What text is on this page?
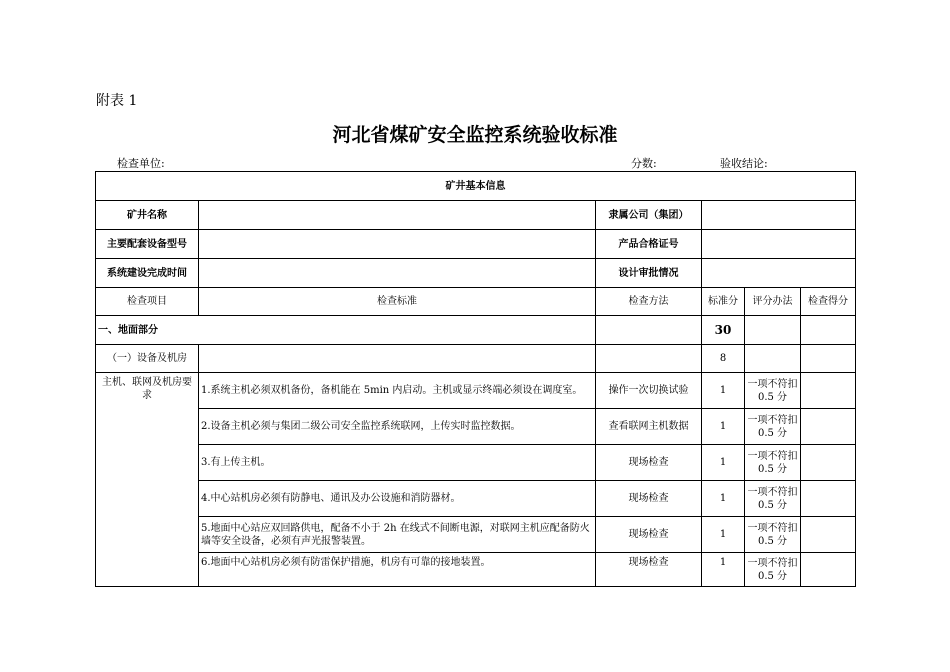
附表 1
河北省煤矿安全监控系统验收标准
检查单位:	分数:	验收结论:
矿井基本信息					
矿井名称		隶属公司（集团）			
主要配套设备型号		产品合格证号			
系统建设完成时间		设计审批情况			
检查项目	检查标准	检查方法	标准分	评分办法	检查得分
一、地面部分			30		
（一）设备及机房			8		
主机、联网及机房要求	1.系统主机必须双机备份，备机能在 5min 内启动。主机或显示终端必须设在调度室。	操作一次切换试验	1	一项不符扣 0.5 分	
	2.设备主机必须与集团二级公司安全监控系统联网，上传实时监控数据。	查看联网主机数据	1	一项不符扣 0.5 分	
	3.有上传主机。	现场检查	1	一项不符扣 0.5 分	
	4.中心站机房必须有防静电、通讯及办公设施和消防器材。	现场检查	1	一项不符扣 0.5 分	
	5.地面中心站应双回路供电，配备不小于 2h 在线式不间断电源，对联网主机应配备防火墙等安全设备，必须有声光报警装置。	现场检查	1	一项不符扣 0.5 分	
	6.地面中心站机房必须有防雷保护措施，机房有可靠的接地装置。	现场检查	1	一项不符扣 0.5 分	
